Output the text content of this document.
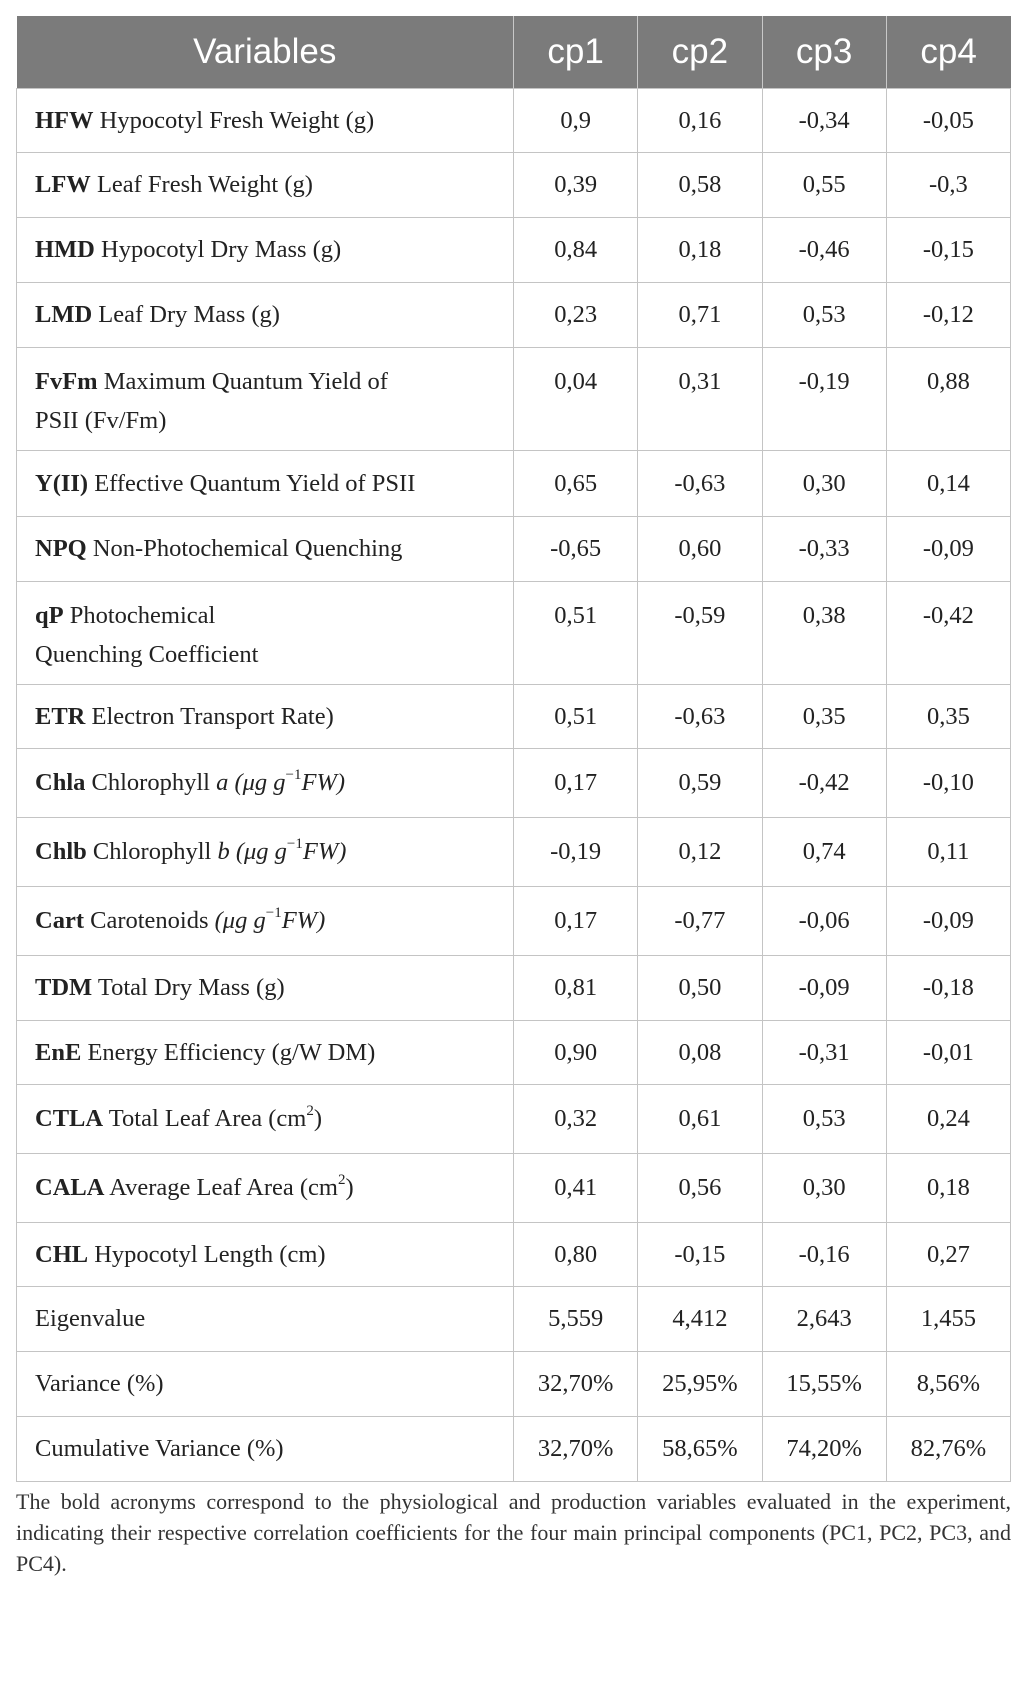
Variables	cp1	cp2	cp3	cp4

HFW Hypocotyl Fresh Weight (g)	0,9	0,16	-0,34	-0,05

LFW Leaf Fresh Weight (g)	0,39	0,58	0,55	-0,3

HMD Hypocotyl Dry Mass (g)	0,84	0,18	-0,46	-0,15

LMD Leaf Dry Mass (g)	0,23	0,71	0,53	-0,12

FvFm Maximum Quantum Yield of
PSII (Fv/Fm)	0,04	0,31	-0,19	0,88

Y(II) Effective Quantum Yield of PSII	0,65	-0,63	0,30	0,14

NPQ Non-Photochemical Quenching	-0,65	0,60	-0,33	-0,09

qP Photochemical
Quenching Coefficient	0,51	-0,59	0,38	-0,42

ETR Electron Transport Rate)	0,51	-0,63	0,35	0,35

Chla Chlorophyll a (μg $g^{-1}FW$)	0,17	0,59	-0,42	-0,10

Chlb Chlorophyll b (μg $g^{-1}FW$)	-0,19	0,12	0,74	0,11

Cart Carotenoids (μg $g^{-1}FW$)	0,17	-0,77	-0,06	-0,09

TDM Total Dry Mass (g)	0,81	0,50	-0,09	-0,18

EnE Energy Efficiency (g/W DM)	0,90	0,08	-0,31	-0,01

CTLA Total Leaf Area $(cm^2)$	0,32	0,61	0,53	0,24

CALA Average Leaf Area $(cm^2)$	0,41	0,56	0,30	0,18

CHL Hypocotyl Length (cm)	0,80	-0,15	-0,16	0,27

Eigenvalue	5,559	4,412	2,643	1,455

Variance (%)	32,70%	25,95%	15,55%	8,56%

Cumulative Variance (%)	32,70%	58,65%	74,20%	82,76%
The bold acronyms correspond to the physiological and production variables evaluated in the experiment, indicating their respective correlation coefficients for the four main principal components (PC1, PC2, PC3, and PC4).
